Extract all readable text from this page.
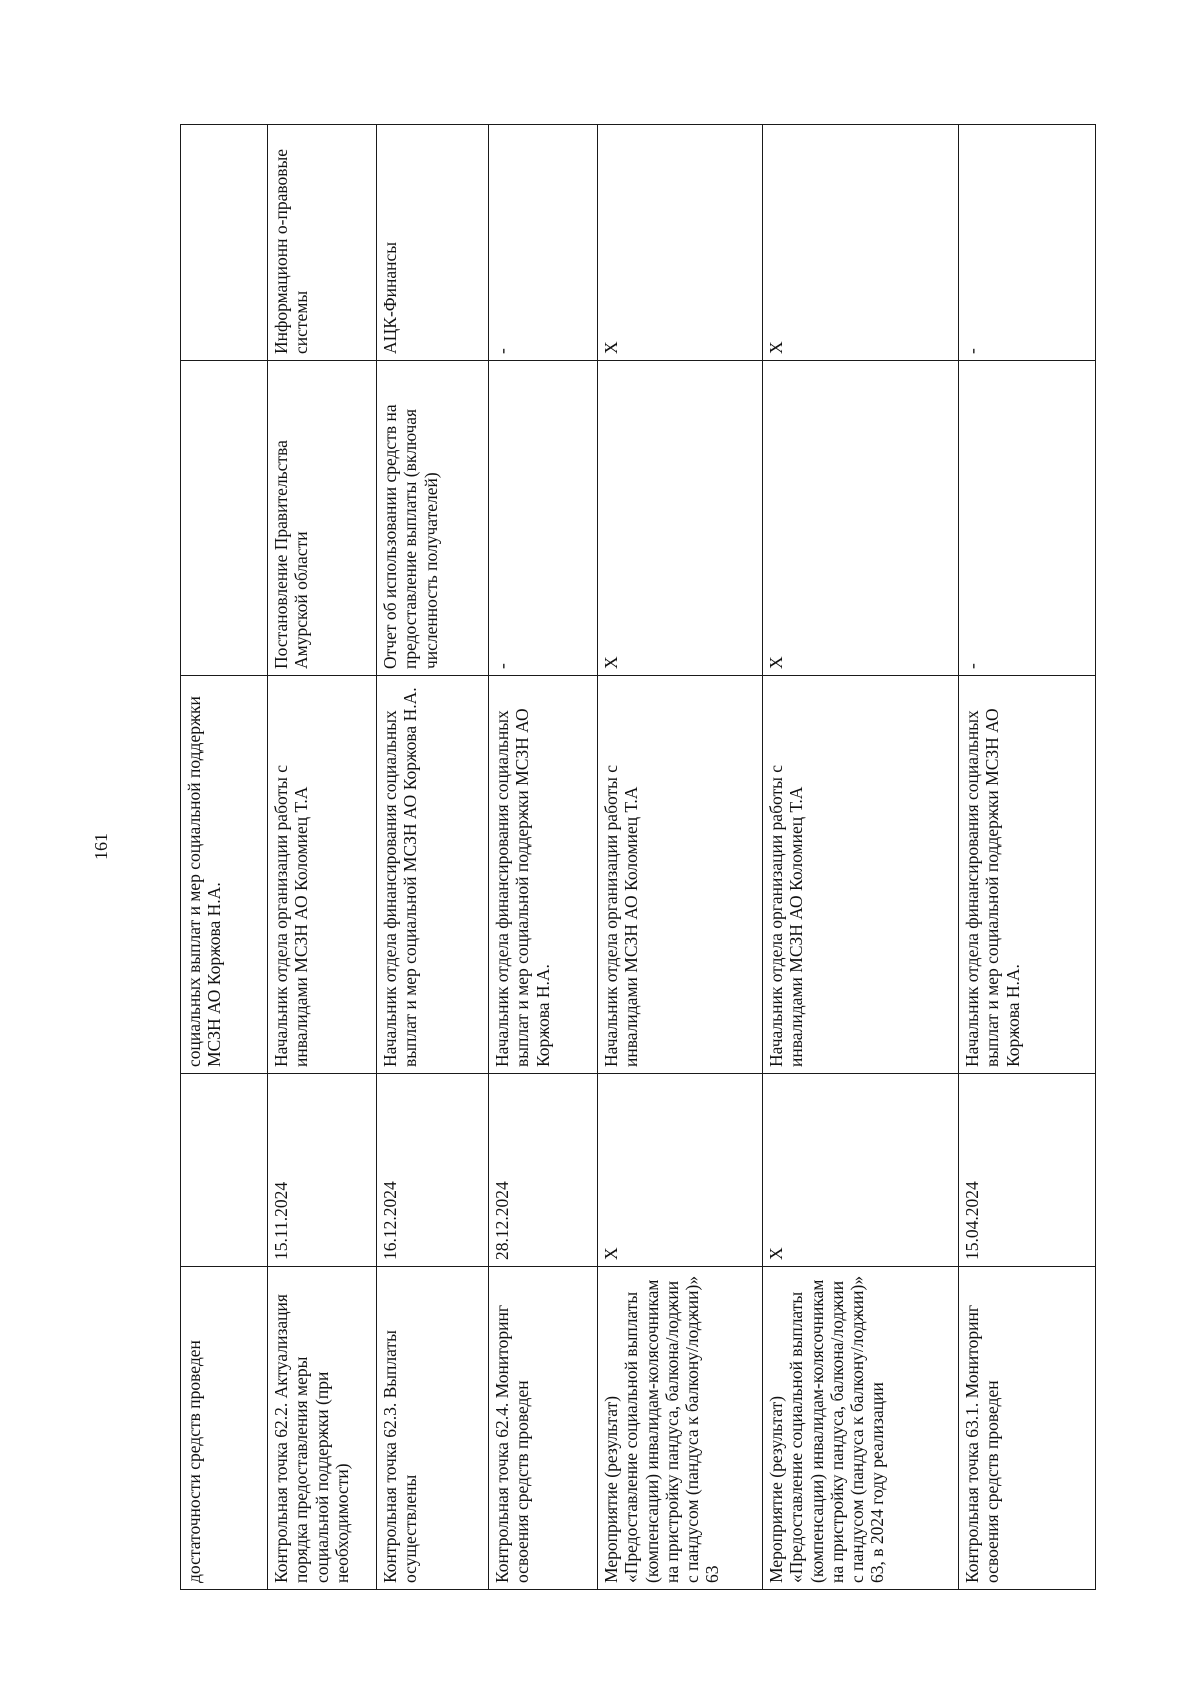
161
достаточности средств проведен		социальных выплат и мер социальной поддержки МСЗН АО Коржова Н.А.		
Контрольная точка 62.2. Актуализация порядка предоставления меры социальной поддержки (при необходимости)	15.11.2024	Начальник отдела организации работы с инвалидами МСЗН АО Коломиец Т.А	Постановление Правительства Амурской области	Информационн о-правовые системы
Контрольная точка 62.3. Выплаты осуществлены	16.12.2024	Начальник отдела финансирования социальных выплат и мер социальной МСЗН АО Коржова Н.А.	Отчет об использовании средств на предоставление выплаты (включая численность получателей)	АЦК-Финансы
Контрольная точка 62.4. Мониторинг освоения средств проведен	28.12.2024	Начальник отдела финансирования социальных выплат и мер социальной поддержки МСЗН АО Коржова Н.А.	-	-
Мероприятие (результат) «Предоставление социальной выплаты (компенсации) инвалидам-колясочникам на пристройку пандуса, балкона/лоджии с пандусом (пандуса к балкону/лоджии)» 63	X	Начальник отдела организации работы с инвалидами МСЗН АО Коломиец Т.А	X	X
Мероприятие (результат) «Предоставление социальной выплаты (компенсации) инвалидам-колясочникам на пристройку пандуса, балкона/лоджии с пандусом (пандуса к балкону/лоджии)» 63, в 2024 году реализации	X	Начальник отдела организации работы с инвалидами МСЗН АО Коломиец Т.А	X	X
Контрольная точка 63.1. Мониторинг освоения средств проведен	15.04.2024	Начальник отдела финансирования социальных выплат и мер социальной поддержки МСЗН АО Коржова Н.А.	-	-
